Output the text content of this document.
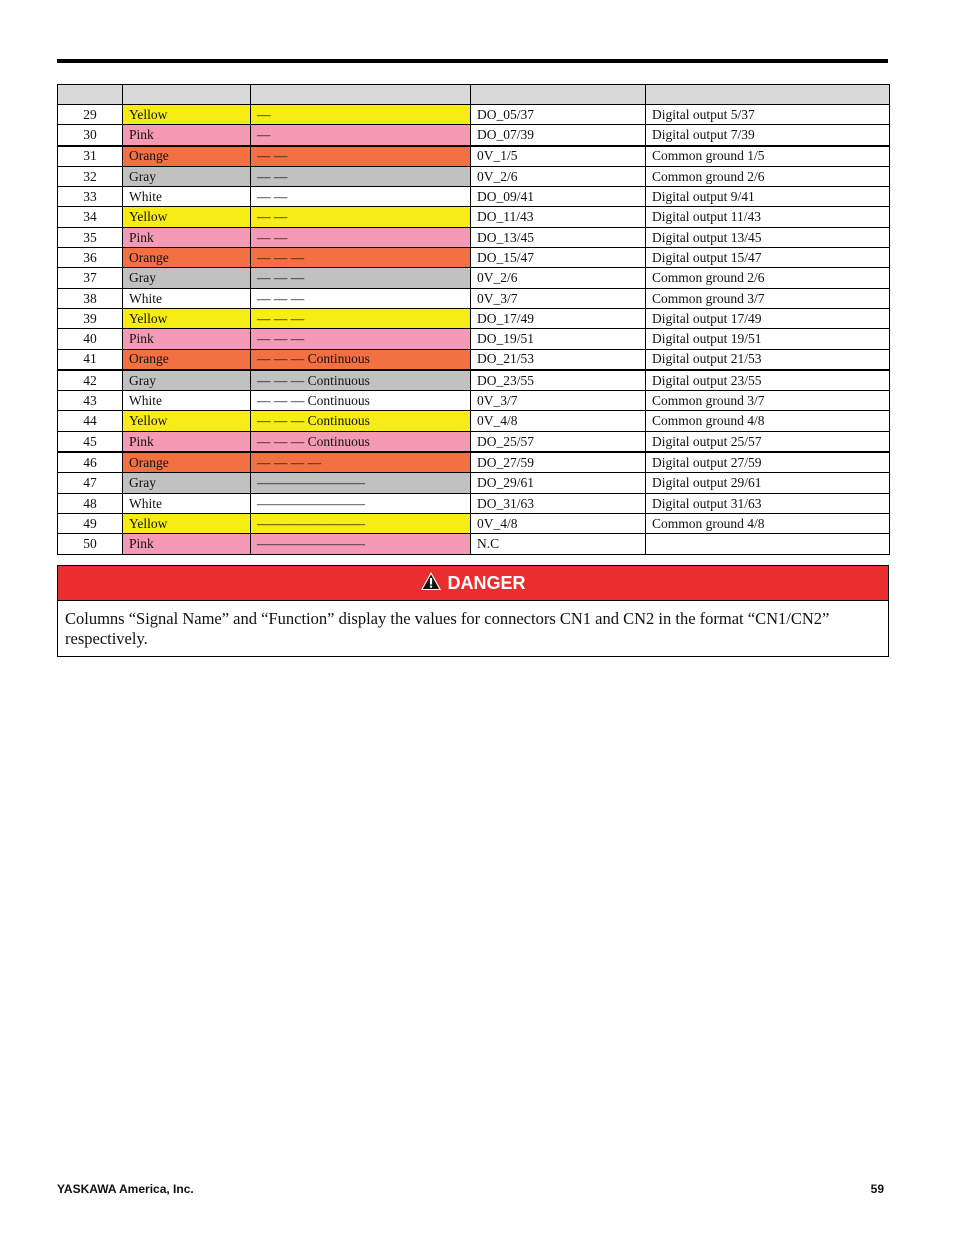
29	Yellow	—	DO_05/37	Digital output 5/37
30	Pink	—	DO_07/39	Digital output 7/39
31	Orange	— —	0V_1/5	Common ground 1/5
32	Gray	— —	0V_2/6	Common ground 2/6
33	White	— —	DO_09/41	Digital output 9/41
34	Yellow	— —	DO_11/43	Digital output 11/43
35	Pink	— —	DO_13/45	Digital output 13/45
36	Orange	— — —	DO_15/47	Digital output 15/47
37	Gray	— — —	0V_2/6	Common ground 2/6
38	White	— — —	0V_3/7	Common ground 3/7
39	Yellow	— — —	DO_17/49	Digital output 17/49
40	Pink	— — —	DO_19/51	Digital output 19/51
41	Orange	— — — Continuous	DO_21/53	Digital output 21/53
42	Gray	— — — Continuous	DO_23/55	Digital output 23/55
43	White	— — — Continuous	0V_3/7	Common ground 3/7
44	Yellow	— — — Continuous	0V_4/8	Common ground 4/8
45	Pink	— — — Continuous	DO_25/57	Digital output 25/57
46	Orange	— — — —	DO_27/59	Digital output 27/59
47	Gray	————————	DO_29/61	Digital output 29/61
48	White	————————	DO_31/63	Digital output 31/63
49	Yellow	————————	0V_4/8	Common ground 4/8
50	Pink	————————	N.C	
DANGER
Columns “Signal Name” and “Function” display the values for connectors CN1 and CN2 in the format “CN1/CN2” respectively.
YASKAWA America, Inc.	59
